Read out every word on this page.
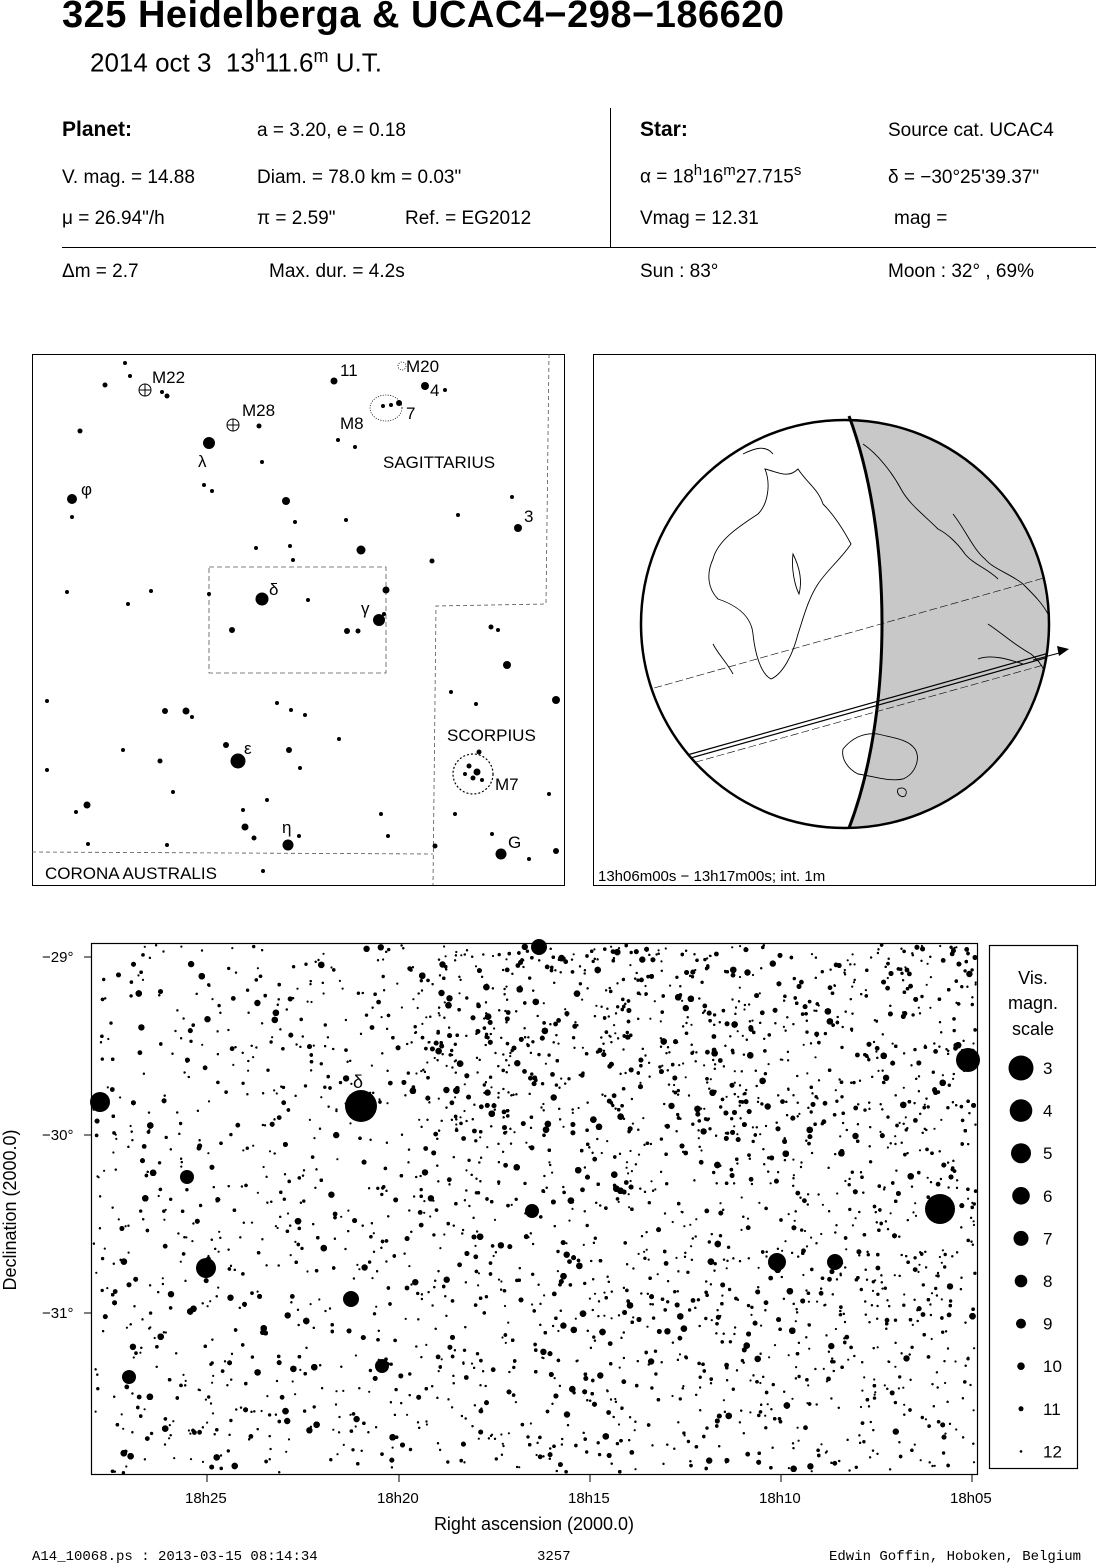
325 Heidelberga & UCAC4−298−186620
2014 oct 3 13$^h$11.6$^m$ U.T.
Planet:	a = 3.20, e = 0.18
V. mag. = 14.88	Diam. = 78.0 km = 0.03"
μ = 26.94"/h	π = 2.59"	Ref. = EG2012
Star:	Source cat. UCAC4
$\alpha = 18^h16^m27.715^s$	δ = −30°25'39.37"
Vmag = 12.31	mag =
Δm = 2.7	Max. dur. = 4.2s	Sun : 83°	Moon : 32° , 69%
M22
M28
M20
M8
11
4
7
3
λ
φ
δ
γ
ε
η
G
SAGITTARIUS
SCORPIUS
M7
CORONA AUSTRALIS	13h06m00s − 13h17m00s; int. 1m
δ
−29°
−30°
−31°
18h25	18h20	18h15	18h10	18h05
Right ascension (2000.0)
Declination (2000.0)
Vis.
magn.
scale
3
4
5
6
7
8
9
10
11
12
A14_10068.ps : 2013-03-15 08:14:34	3257	Edwin Goffin, Hoboken, Belgium
